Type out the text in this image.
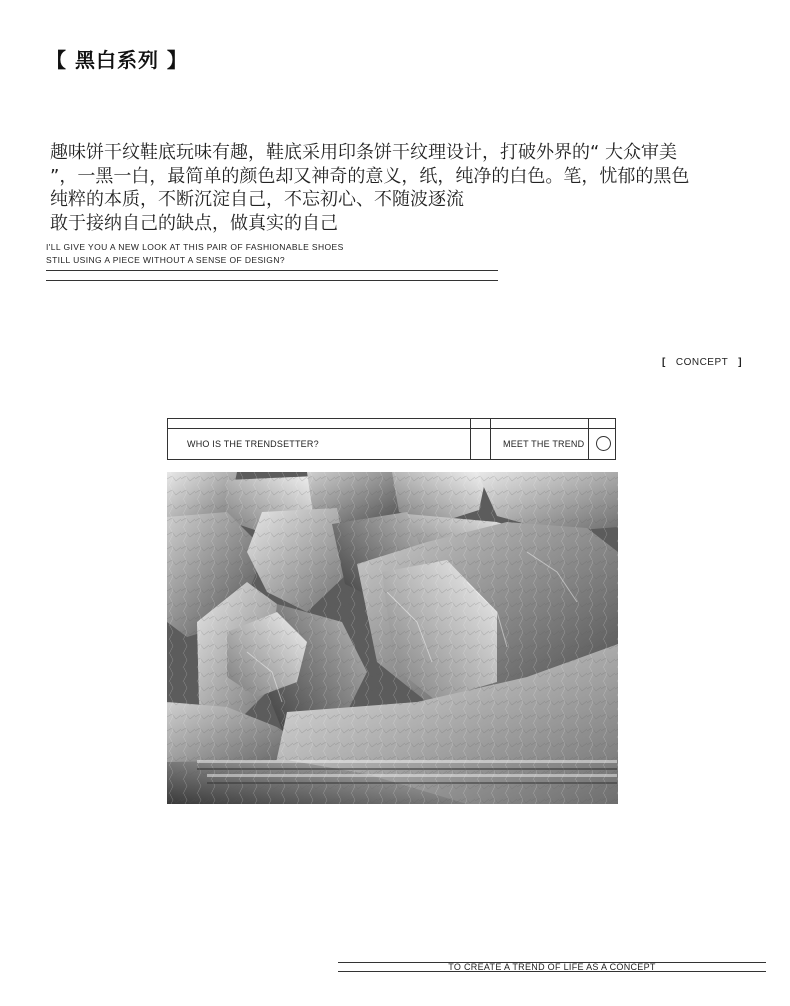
【 黑白系列 】
趣味饼干纹鞋底玩味有趣，鞋底采用印条饼干纹理设计，打破外界的“ 大众审美
”，一黑一白，最简单的颜色却又神奇的意义，纸，纯净的白色。笔，忧郁的黑色
纯粹的本质，不断沉淀自己，不忘初心、不随波逐流
敢于接纳自己的缺点，做真实的自己
I'LL GIVE YOU A NEW LOOK AT THIS PAIR OF FASHIONABLE SHOES
STILL USING A PIECE WITHOUT A SENSE OF DESIGN?
[ CONCEPT ]
WHO IS THE TRENDSETTER?	MEET THE TREND
TO CREATE A TREND OF LIFE AS A CONCEPT
